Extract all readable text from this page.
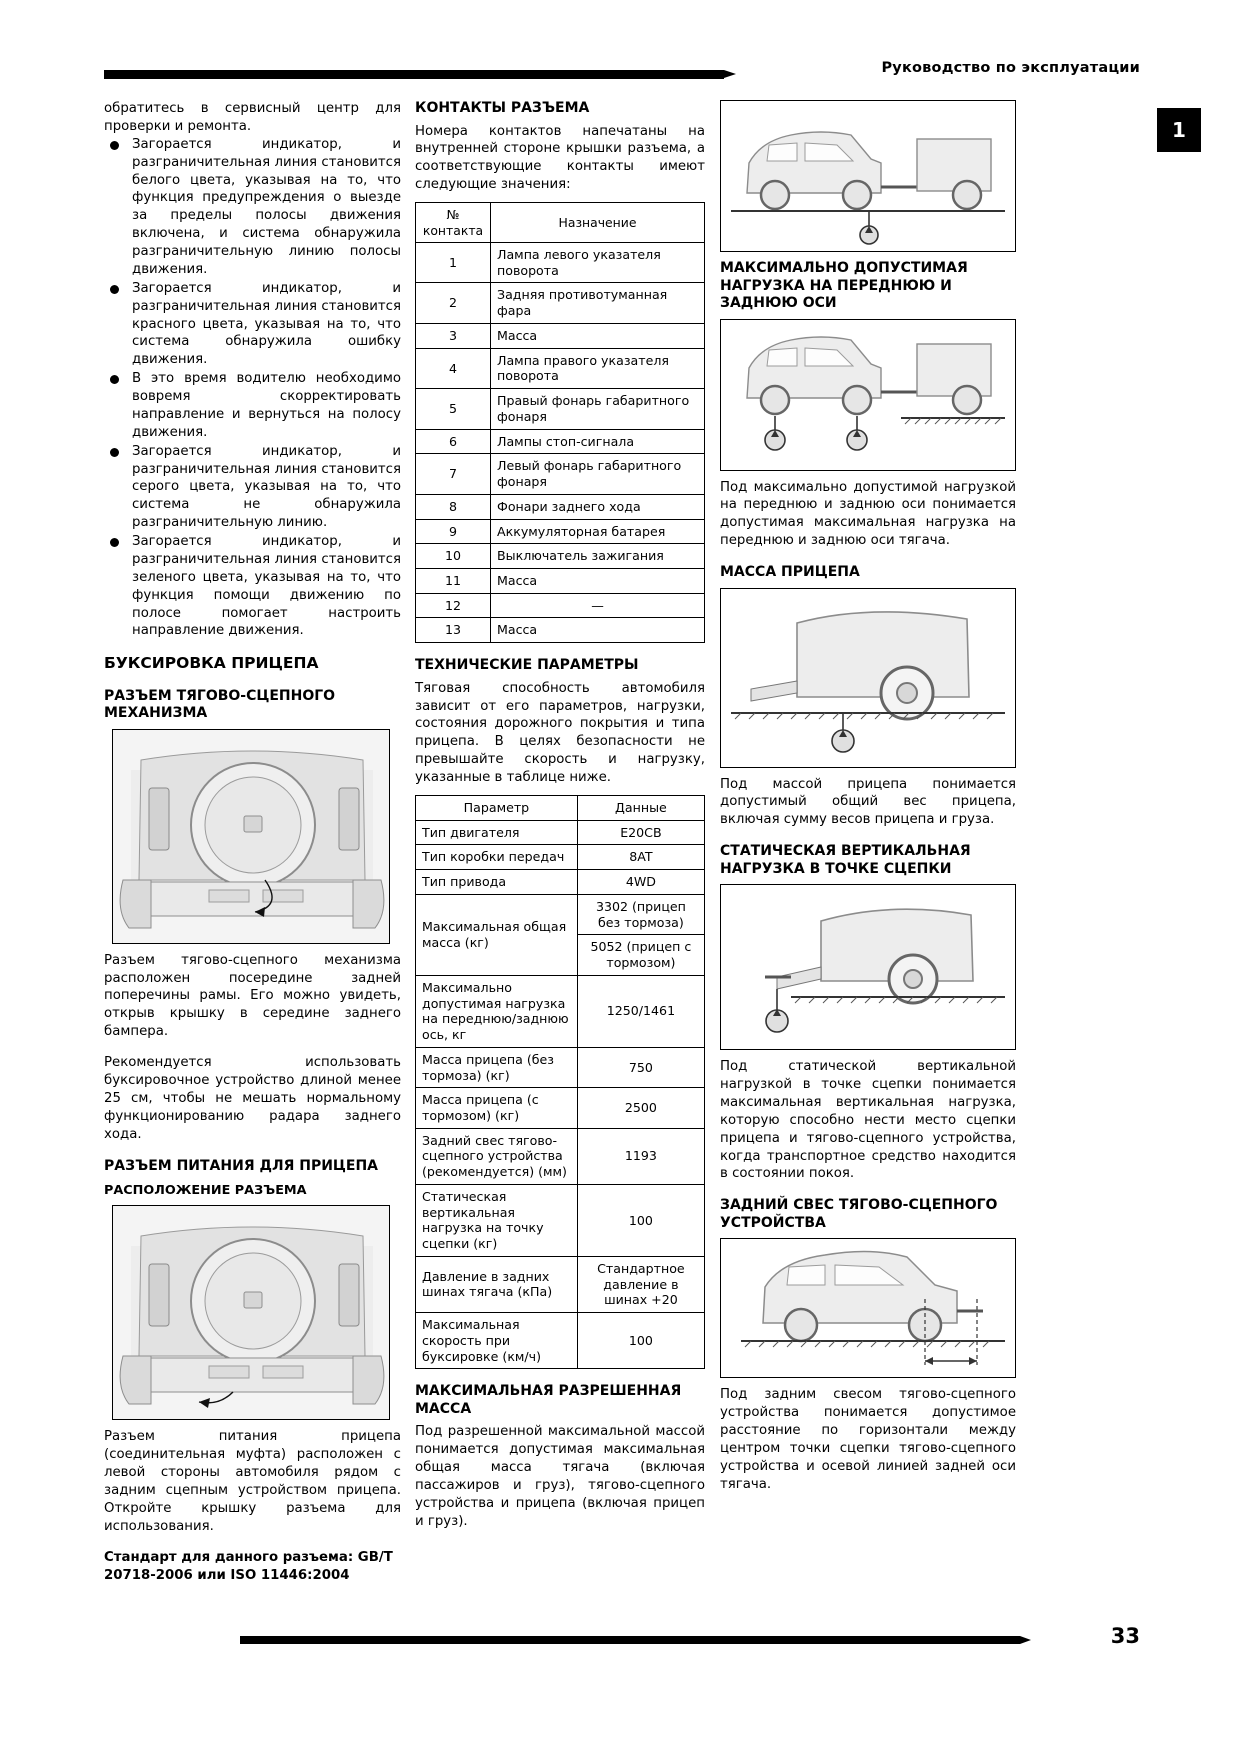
Руководство по эксплуатации
1

обратитесь в сервисный центр для проверки и ремонта.

Загорается индикатор, и разграничительная линия становится белого цвета, указывая на то, что функция предупреждения о выезде за пределы полосы движения включена, и система обнаружила разграничительную линию полосы движения.
Загорается индикатор, и разграничительная линия становится красного цвета, указывая на то, что система обнаружила ошибку движения.
В это время водителю необходимо вовремя скорректировать направление и вернуться на полосу движения.
Загорается индикатор, и разграничительная линия становится серого цвета, указывая на то, что система не обнаружила разграничительную линию.
Загорается индикатор, и разграничительная линия становится зеленого цвета, указывая на то, что функция помощи движению по полосе помогает настроить направление движения.
БУКСИРОВКА ПРИЦЕПА
РАЗЪЕМ ТЯГОВО-СЦЕПНОГО МЕХАНИЗМА

Разъем тягово-сцепного механизма расположен посередине задней поперечины рамы. Его можно увидеть, открыв крышку в середине заднего бампера.

Рекомендуется использовать буксировочное устройство длиной менее 25 см, чтобы не мешать нормальному функционированию радара заднего хода.

РАЗЪЕМ ПИТАНИЯ ДЛЯ ПРИЦЕПА
РАСПОЛОЖЕНИЕ РАЗЪЕМА

Разъем питания прицепа (соединительная муфта) расположен с левой стороны автомобиля рядом с задним сцепным устройством прицепа. Откройте крышку разъема для использования.

Стандарт для данного разъема: GB/T 20718-2006 или ISO 11446:2004

КОНТАКТЫ РАЗЪЕМА

Номера контактов напечатаны на внутренней стороне крышки разъема, а соответствующие контакты имеют следующие значения:

№ контакта	Назначение
1	Лампа левого указателя поворота
2	Задняя противотуманная фара
3	Масса
4	Лампа правого указателя поворота
5	Правый фонарь габаритного фонаря
6	Лампы стоп-сигнала
7	Левый фонарь габаритного фонаря
8	Фонари заднего хода
9	Аккумуляторная батарея
10	Выключатель зажигания
11	Масса
12	—
13	Масса
ТЕХНИЧЕСКИЕ ПАРАМЕТРЫ

Тяговая способность автомобиля зависит от его параметров, нагрузки, состояния дорожного покрытия и типа прицепа. В целях безопасности не превышайте скорость и нагрузку, указанные в таблице ниже.

Параметр	Данные
Тип двигателя	E20CB
Тип коробки передач	8AT
Тип привода	4WD
Максимальная общая масса (кг)	3302 (прицеп без тормоза)
	5052 (прицеп с тормозом)
Максимально допустимая нагрузка на переднюю/заднюю ось, кг	1250/1461
Масса прицепа (без тормоза) (кг)	750
Масса прицепа (с тормозом) (кг)	2500
Задний свес тягово-сцепного устройства (рекомендуется) (мм)	1193
Статическая вертикальная нагрузка на точку сцепки (кг)	100
Давление в задних шинах тягача (кПа)	Стандартное давление в шинах +20
Максимальная скорость при буксировке (км/ч)	100
МАКСИМАЛЬНАЯ РАЗРЕШЕННАЯ МАССА

Под разрешенной максимальной массой понимается допустимая максимальная общая масса тягача (включая пассажиров и груз), тягово-сцепного устройства и прицепа (включая прицеп и груз).

МАКСИМАЛЬНО ДОПУСТИМАЯ НАГРУЗКА НА ПЕРЕДНЮЮ И ЗАДНЮЮ ОСИ

Под максимально допустимой нагрузкой на переднюю и заднюю оси понимается допустимая максимальная нагрузка на переднюю и заднюю оси тягача.

МАССА ПРИЦЕПА

Под массой прицепа понимается допустимый общий вес прицепа, включая сумму весов прицепа и груза.

СТАТИЧЕСКАЯ ВЕРТИКАЛЬНАЯ НАГРУЗКА В ТОЧКЕ СЦЕПКИ

Под статической вертикальной нагрузкой в точке сцепки понимается максимальная вертикальная нагрузка, которую способно нести место сцепки прицепа и тягово-сцепного устройства, когда транспортное средство находится в состоянии покоя.

ЗАДНИЙ СВЕС ТЯГОВО-СЦЕПНОГО УСТРОЙСТВА

Под задним свесом тягово-сцепного устройства понимается допустимое расстояние по горизонтали между центром точки сцепки тягово-сцепного устройства и осевой линией задней оси тягача.

33
